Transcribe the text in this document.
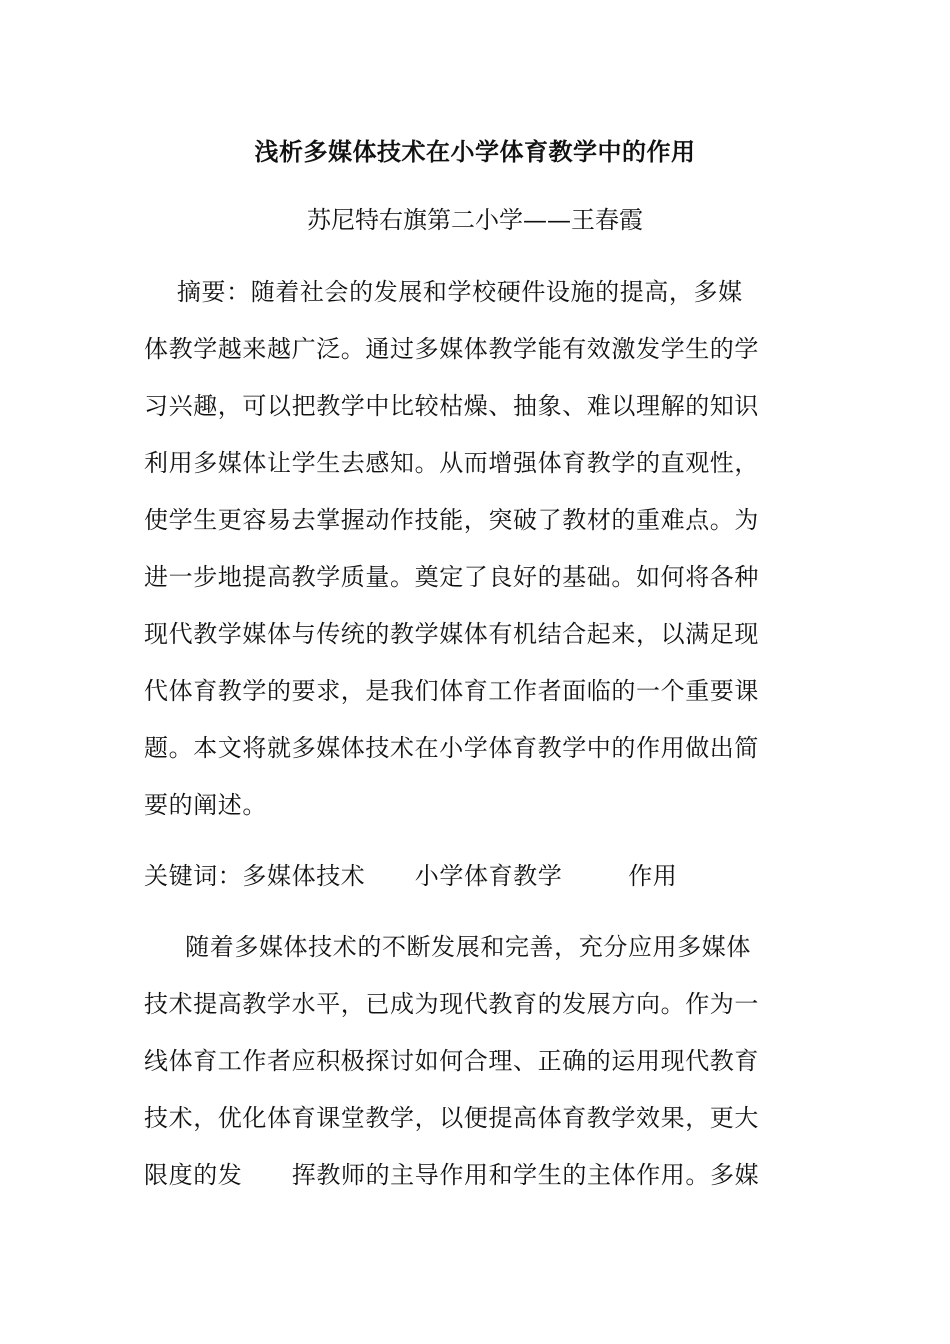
浅析多媒体技术在小学体育教学中的作用
苏尼特右旗第二小学——王春霞
摘要：随着社会的发展和学校硬件设施的提高，多媒
体教学越来越广泛。通过多媒体教学能有效激发学生的学
习兴趣，可以把教学中比较枯燥、抽象、难以理解的知识
利用多媒体让学生去感知。从而增强体育教学的直观性，
使学生更容易去掌握动作技能，突破了教材的重难点。为
进一步地提高教学质量。奠定了良好的基础。如何将各种
现代教学媒体与传统的教学媒体有机结合起来，以满足现
代体育教学的要求，是我们体育工作者面临的一个重要课
题。本文将就多媒体技术在小学体育教学中的作用做出简
要的阐述。
关键词：多媒体技术      小学体育教学        作用
随着多媒体技术的不断发展和完善，充分应用多媒体
技术提高教学水平，已成为现代教育的发展方向。作为一
线体育工作者应积极探讨如何合理、正确的运用现代教育
技术，优化体育课堂教学，以便提高体育教学效果，更大
限度的发      挥教师的主导作用和学生的主体作用。多媒
